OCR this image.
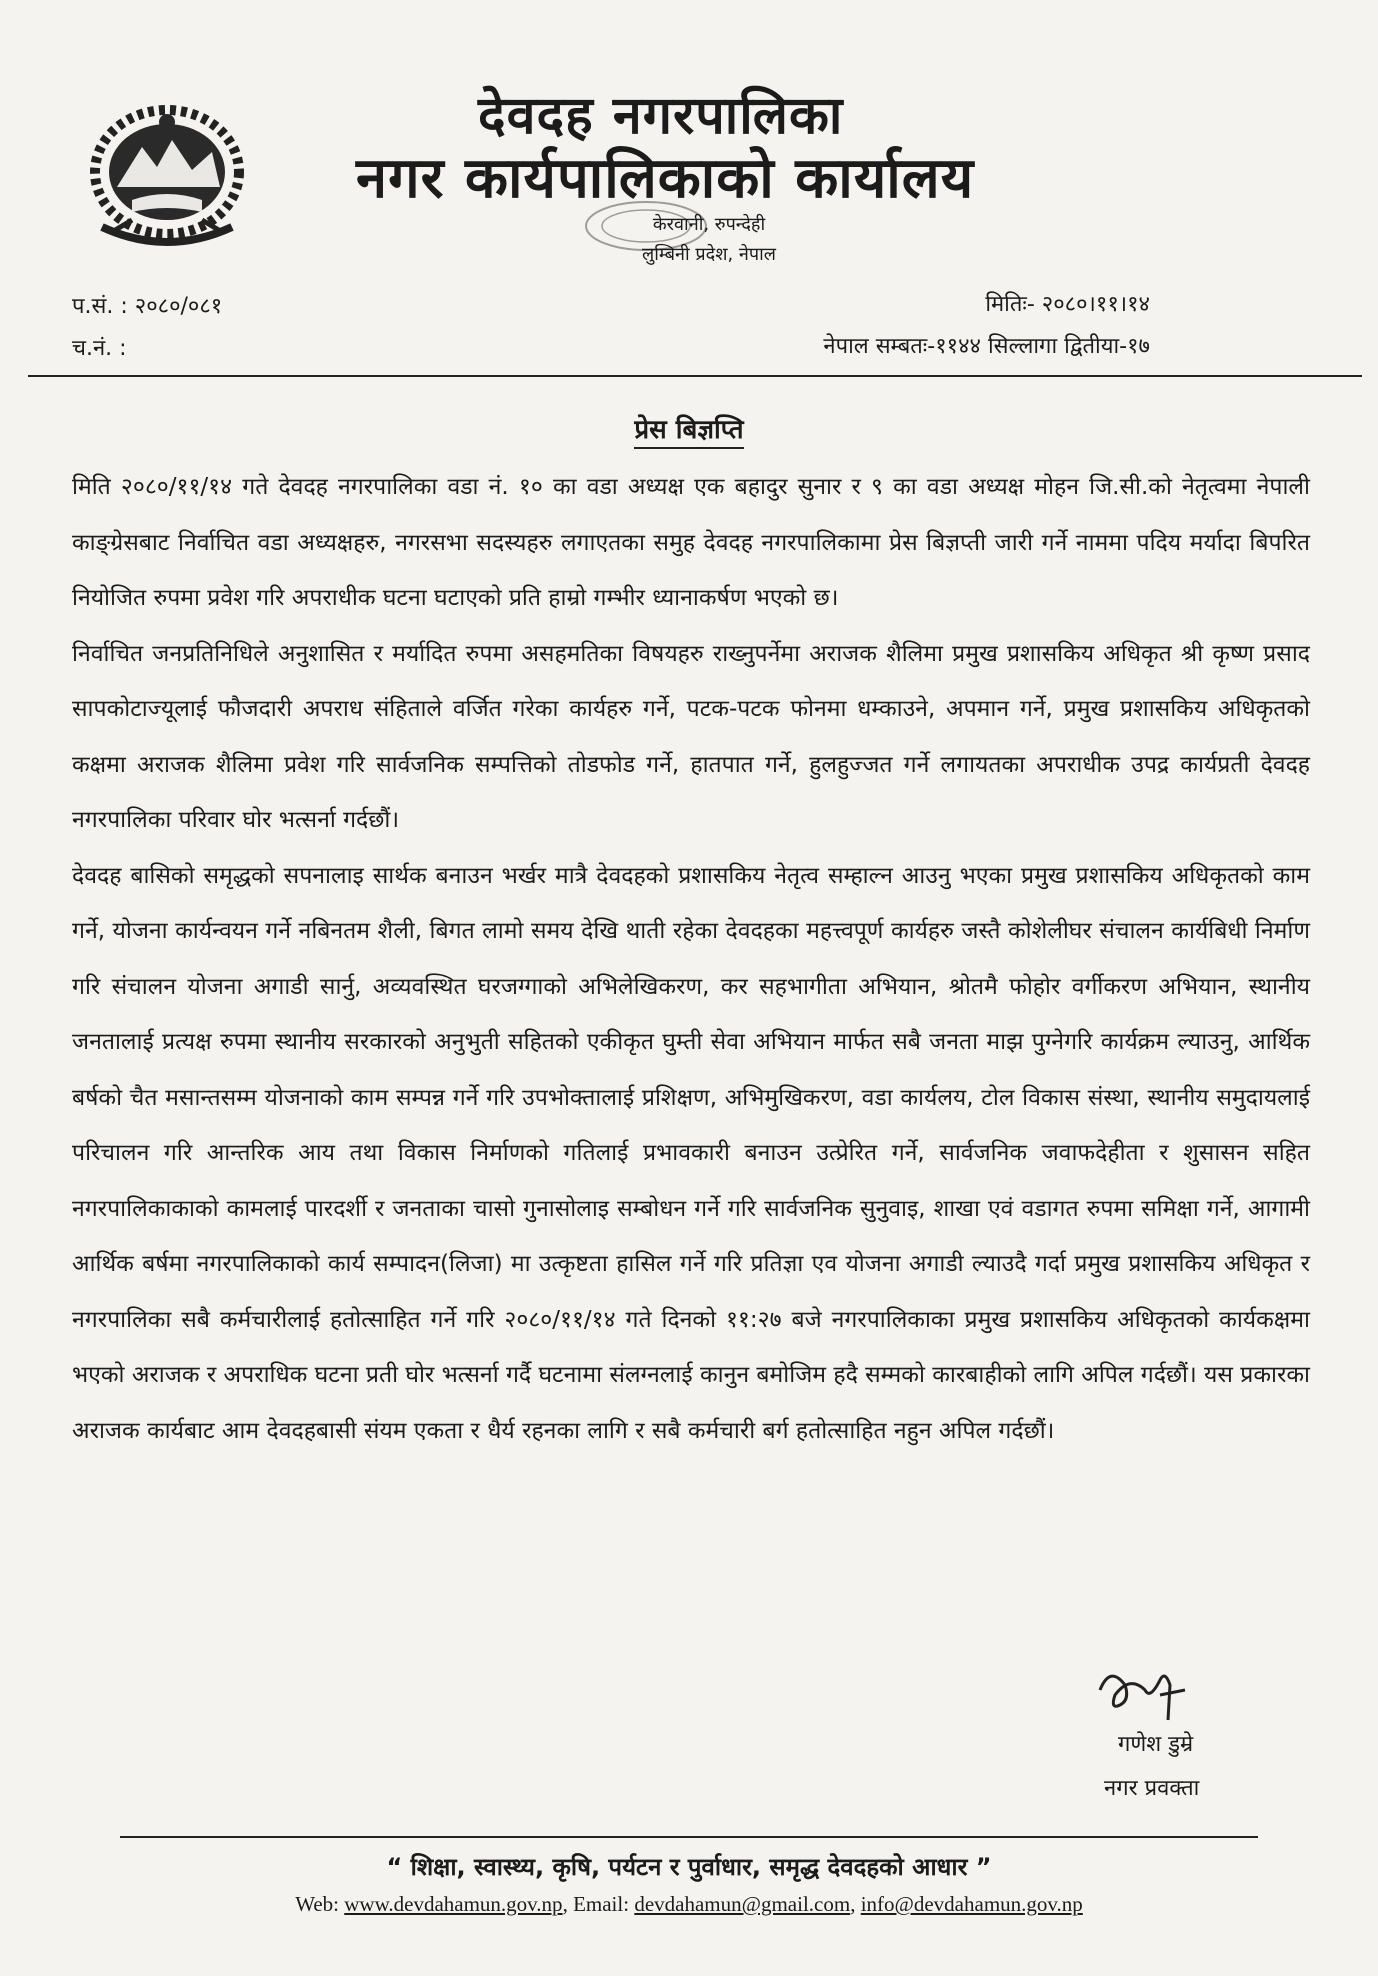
देवदह नगरपालिका
नगर कार्यपालिकाको कार्यालय
केरवानी, रुपन्देही
लुम्बिनी प्रदेश, नेपाल
प.सं. : २०८०/०८१
च.नं. :
मितिः- २०८०।११।१४
नेपाल सम्बतः-११४४ सिल्लागा द्वितीया-१७
प्रेस बिज्ञप्ति

मिति २०८०/११/१४ गते देवदह नगरपालिका वडा नं. १० का वडा अध्यक्ष एक बहादुर सुनार र ९ का वडा अध्यक्ष मोहन जि.सी.को नेतृत्वमा नेपाली काङ्ग्रेसबाट निर्वाचित वडा अध्यक्षहरु, नगरसभा सदस्यहरु लगाएतका समुह देवदह नगरपालिकामा प्रेस बिज्ञप्ती जारी गर्ने नाममा पदिय मर्यादा बिपरित नियोजित रुपमा प्रवेश गरि अपराधीक घटना घटाएको प्रति हाम्रो गम्भीर ध्यानाकर्षण भएको छ।

निर्वाचित जनप्रतिनिधिले अनुशासित र मर्यादित रुपमा असहमतिका विषयहरु राख्नुपर्नेमा अराजक शैलिमा प्रमुख प्रशासकिय अधिकृत श्री कृष्ण प्रसाद सापकोटाज्यूलाई फौजदारी अपराध संहिताले वर्जित गरेका कार्यहरु गर्ने, पटक-पटक फोनमा धम्काउने, अपमान गर्ने, प्रमुख प्रशासकिय अधिकृतको कक्षमा अराजक शैलिमा प्रवेश गरि सार्वजनिक सम्पत्तिको तोडफोड गर्ने, हातपात गर्ने, हुलहुज्जत गर्ने लगायतका अपराधीक उपद्र कार्यप्रती देवदह नगरपालिका परिवार घोर भत्सर्ना गर्दछौं।

देवदह बासिको समृद्धको सपनालाइ सार्थक बनाउन भर्खर मात्रै देवदहको प्रशासकिय नेतृत्व सम्हाल्न आउनु भएका प्रमुख प्रशासकिय अधिकृतको काम गर्ने, योजना कार्यन्वयन गर्ने नबिनतम शैली, बिगत लामो समय देखि थाती रहेका देवदहका महत्त्वपूर्ण कार्यहरु जस्तै कोशेलीघर संचालन कार्यबिधी निर्माण गरि संचालन योजना अगाडी सार्नु, अव्यवस्थित घरजग्गाको अभिलेखिकरण, कर सहभागीता अभियान, श्रोतमै फोहोर वर्गीकरण अभियान, स्थानीय जनतालाई प्रत्यक्ष रुपमा स्थानीय सरकारको अनुभुती सहितको एकीकृत घुम्ती सेवा अभियान मार्फत सबै जनता माझ पुग्नेगरि कार्यक्रम ल्याउनु, आर्थिक बर्षको चैत मसान्तसम्म योजनाको काम सम्पन्न गर्ने गरि उपभोक्तालाई प्रशिक्षण, अभिमुखिकरण, वडा कार्यलय, टोल विकास संस्था, स्थानीय समुदायलाई परिचालन गरि आन्तरिक आय तथा विकास निर्माणको गतिलाई प्रभावकारी बनाउन उत्प्रेरित गर्ने, सार्वजनिक जवाफदेहीता र शुसासन सहित नगरपालिकाकाको कामलाई पारदर्शी र जनताका चासो गुनासोलाइ सम्बोधन गर्ने गरि सार्वजनिक सुनुवाइ, शाखा एवं वडागत रुपमा समिक्षा गर्ने, आगामी आर्थिक बर्षमा नगरपालिकाको कार्य सम्पादन(लिजा) मा उत्कृष्टता हासिल गर्ने गरि प्रतिज्ञा एव योजना अगाडी ल्याउदै गर्दा प्रमुख प्रशासकिय अधिकृत र नगरपालिका सबै कर्मचारीलाई हतोत्साहित गर्ने गरि २०८०/११/१४ गते दिनको ११:२७ बजे नगरपालिकाका प्रमुख प्रशासकिय अधिकृतको कार्यकक्षमा भएको अराजक र अपराधिक घटना प्रती घोर भत्सर्ना गर्दै घटनामा संलग्नलाई कानुन बमोजिम हदै सम्मको कारबाहीको लागि अपिल गर्दछौं। यस प्रकारका अराजक कार्यबाट आम देवदहबासी संयम एकता र धैर्य रहनका लागि र सबै कर्मचारी बर्ग हतोत्साहित नहुन अपिल गर्दछौं।

गणेश डुम्रे
नगर प्रवक्ता
“ शिक्षा, स्वास्थ्य, कृषि, पर्यटन र पुर्वाधार, समृद्ध देवदहको आधार ”
Web: www.devdahamun.gov.np, Email: devdahamun@gmail.com, info@devdahamun.gov.np
